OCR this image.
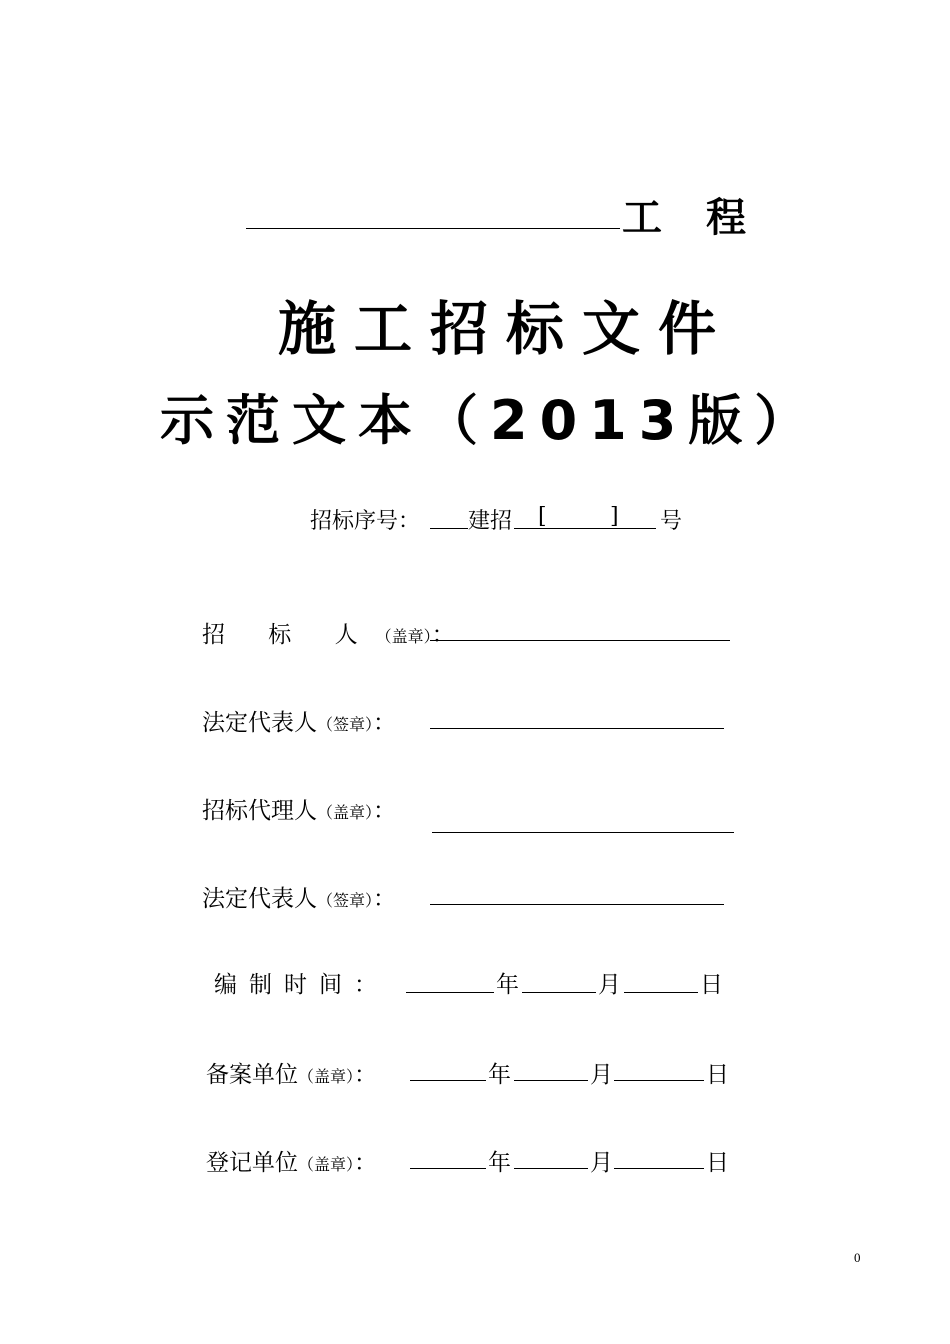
工程
施工招标文件
示范文本（2013版）
招标序号： 建招 [	] 号
招 标 人（盖章）：
法定代表人（签章）：
招标代理人（盖章）：
法定代表人（签章）：
编制时间：	年	月	日
备案单位（盖章）：	年	月	日
登记单位（盖章）：	年	月	日
0
